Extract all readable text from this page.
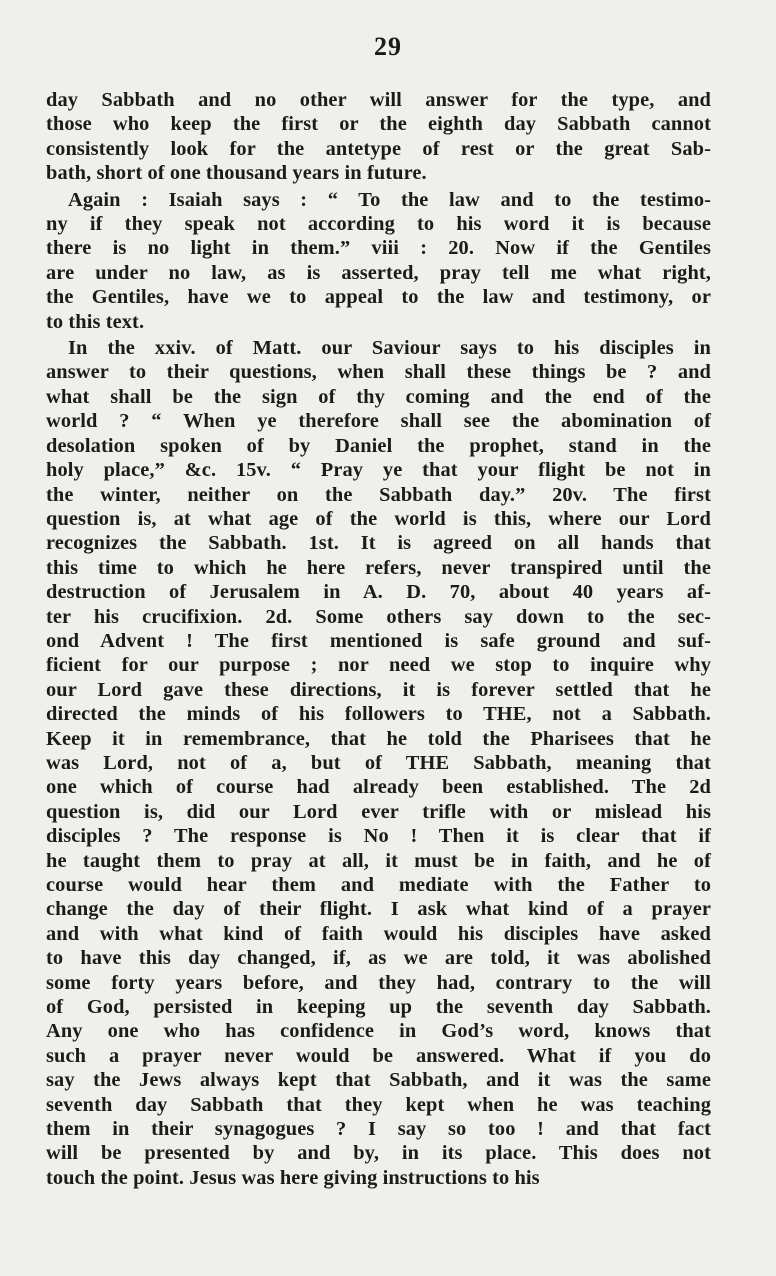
29
day Sabbath and no other will answer for the type, and
those who keep the first or the eighth day Sabbath cannot
consistently look for the antetype of rest or the great Sab-
bath, short of one thousand years in future.
Again : Isaiah says : “ To the law and to the testimo-
ny if they speak not according to his word it is because
there is no light in them.” viii : 20. Now if the Gentiles
are under no law, as is asserted, pray tell me what right,
the Gentiles, have we to appeal to the law and testimony, or
to this text.
In the xxiv. of Matt. our Saviour says to his disciples in
answer to their questions, when shall these things be ? and
what shall be the sign of thy coming and the end of the
world ? “ When ye therefore shall see the abomination of
desolation spoken of by Daniel the prophet, stand in the
holy place,” &c. 15v. “ Pray ye that your flight be not in
the winter, neither on the Sabbath day.” 20v. The first
question is, at what age of the world is this, where our Lord
recognizes the Sabbath. 1st. It is agreed on all hands that
this time to which he here refers, never transpired until the
destruction of Jerusalem in A. D. 70, about 40 years af-
ter his crucifixion. 2d. Some others say down to the sec-
ond Advent ! The first mentioned is safe ground and suf-
ficient for our purpose ; nor need we stop to inquire why
our Lord gave these directions, it is forever settled that he
directed the minds of his followers to THE, not a Sabbath.
Keep it in remembrance, that he told the Pharisees that he
was Lord, not of a, but of THE Sabbath, meaning that
one which of course had already been established. The 2d
question is, did our Lord ever trifle with or mislead his
disciples ? The response is No ! Then it is clear that if
he taught them to pray at all, it must be in faith, and he of
course would hear them and mediate with the Father to
change the day of their flight. I ask what kind of a prayer
and with what kind of faith would his disciples have asked
to have this day changed, if, as we are told, it was abolished
some forty years before, and they had, contrary to the will
of God, persisted in keeping up the seventh day Sabbath.
Any one who has confidence in God’s word, knows that
such a prayer never would be answered. What if you do
say the Jews always kept that Sabbath, and it was the same
seventh day Sabbath that they kept when he was teaching
them in their synagogues ? I say so too ! and that fact
will be presented by and by, in its place. This does not
touch the point. Jesus was here giving instructions to his
